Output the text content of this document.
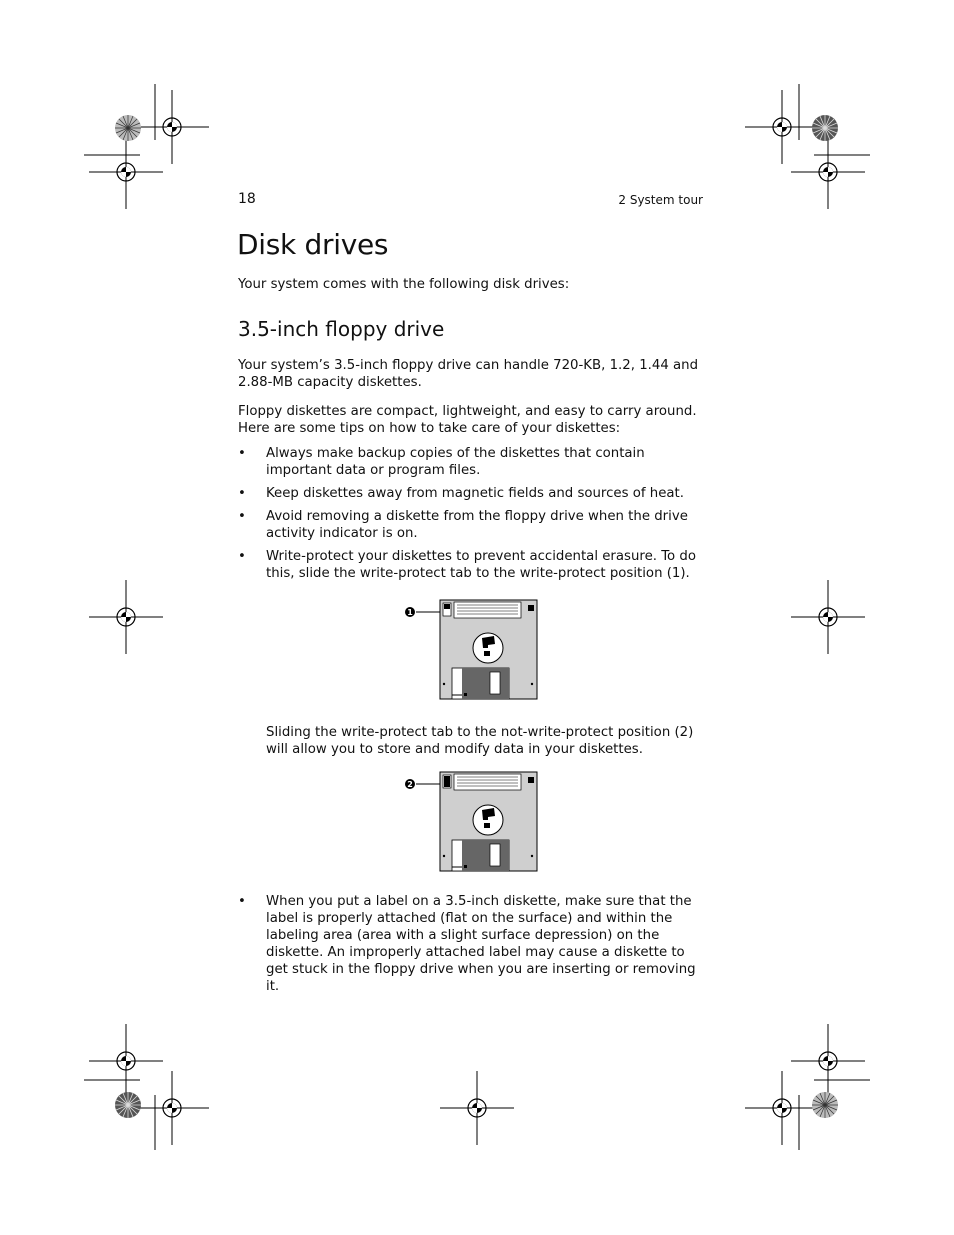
18	2 System tour
Disk drives

Your system comes with the following disk drives:

3.5-inch floppy drive

Your system’s 3.5-inch floppy drive can handle 720-KB, 1.2, 1.44 and 2.88-MB capacity diskettes.

Floppy diskettes are compact, lightweight, and easy to carry around. Here are some tips on how to take care of your diskettes:

• Always make backup copies of the diskettes that contain important data or program files.
• Keep diskettes away from magnetic fields and sources of heat.
• Avoid removing a diskette from the floppy drive when the drive activity indicator is on.
• Write-protect your diskettes to prevent accidental erasure. To do this, slide the write-protect tab to the write-protect position (1).
1

Sliding the write-protect tab to the not-write-protect position (2) will allow you to store and modify data in your diskettes.

2
• When you put a label on a 3.5-inch diskette, make sure that the label is properly attached (flat on the surface) and within the labeling area (area with a slight surface depression) on the diskette. An improperly attached label may cause a diskette to get stuck in the floppy drive when you are inserting or removing it.
